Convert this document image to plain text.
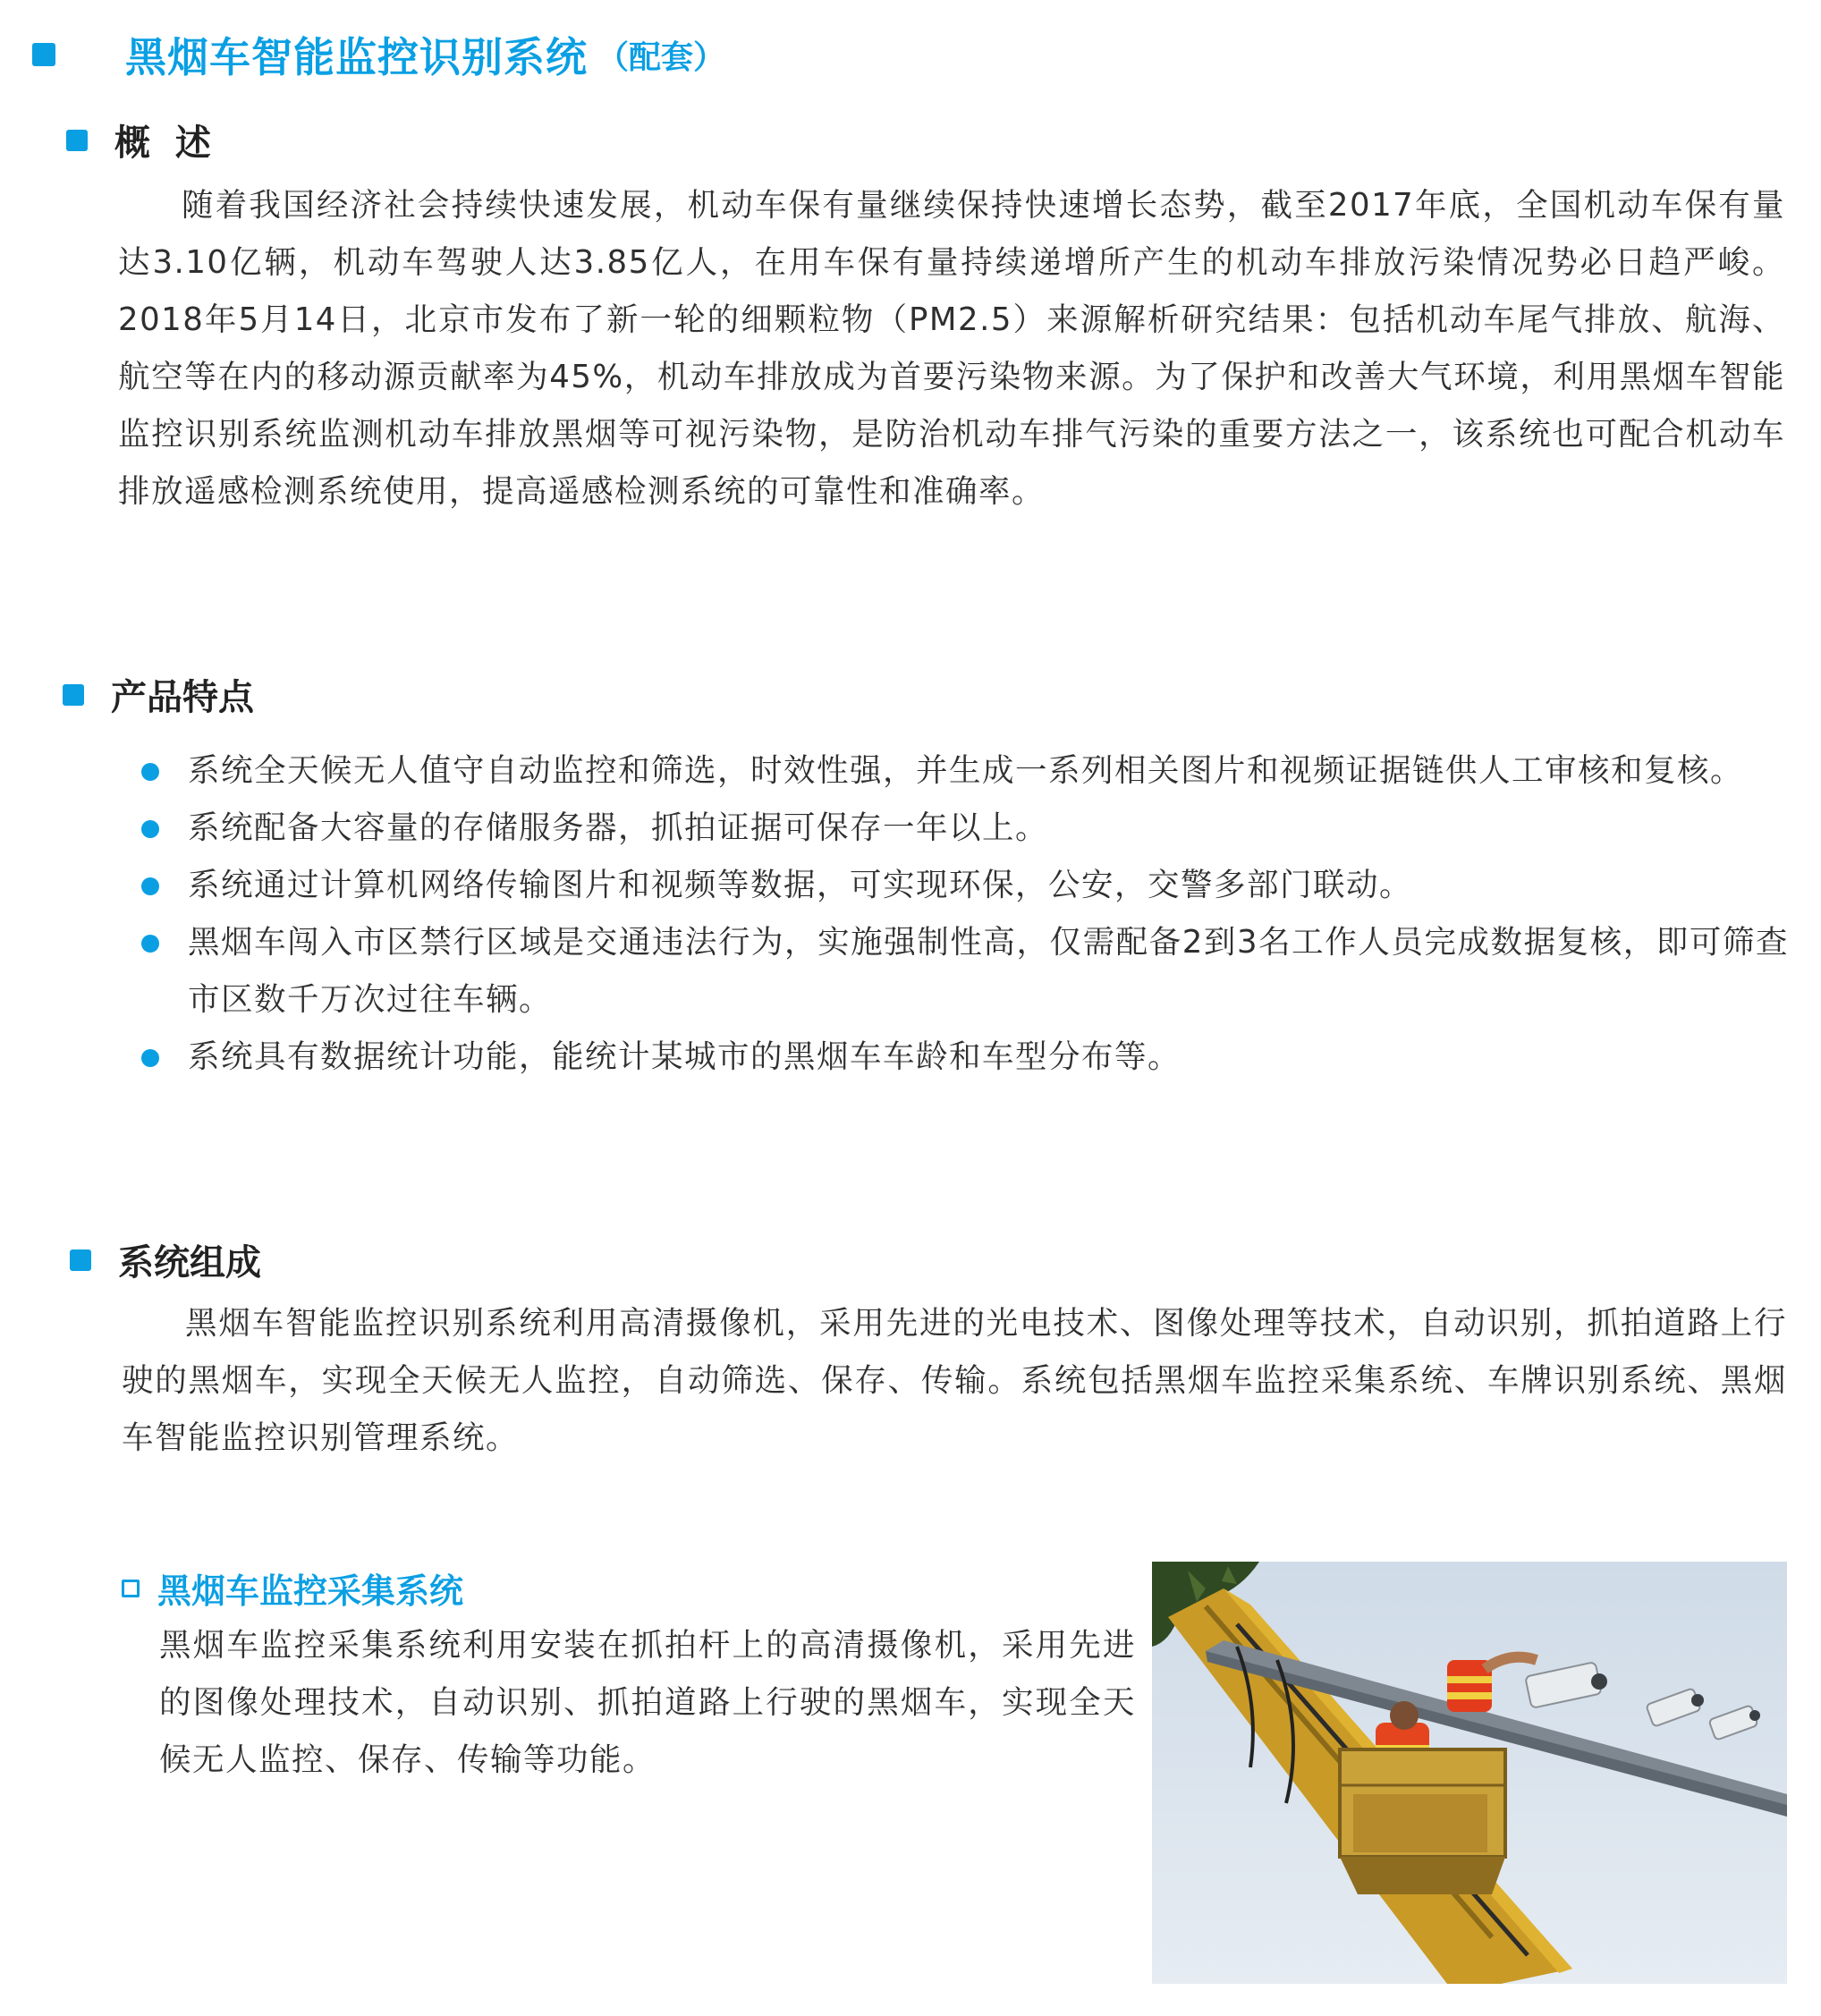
黑烟车智能监控识别系统 （配套）
概  述

随着我国经济社会持续快速发展，机动车保有量继续保持快速增长态势，截至2017年底，全国机动车保有量达3.10亿辆，机动车驾驶人达3.85亿人，在用车保有量持续递增所产生的机动车排放污染情况势必日趋严峻。2018年5月14日，北京市发布了新一轮的细颗粒物（PM2.5）来源解析研究结果：包括机动车尾气排放、航海、航空等在内的移动源贡献率为45%，机动车排放成为首要污染物来源。为了保护和改善大气环境，利用黑烟车智能监控识别系统监测机动车排放黑烟等可视污染物，是防治机动车排气污染的重要方法之一，该系统也可配合机动车排放遥感检测系统使用，提高遥感检测系统的可靠性和准确率。

产品特点
系统全天候无人值守自动监控和筛选，时效性强，并生成一系列相关图片和视频证据链供人工审核和复核。
系统配备大容量的存储服务器，抓拍证据可保存一年以上。
系统通过计算机网络传输图片和视频等数据，可实现环保，公安，交警多部门联动。
黑烟车闯入市区禁行区域是交通违法行为，实施强制性高，仅需配备2到3名工作人员完成数据复核，即可筛查市区数千万次过往车辆。
系统具有数据统计功能，能统计某城市的黑烟车车龄和车型分布等。
系统组成

黑烟车智能监控识别系统利用高清摄像机，采用先进的光电技术、图像处理等技术，自动识别，抓拍道路上行驶的黑烟车，实现全天候无人监控，自动筛选、保存、传输。系统包括黑烟车监控采集系统、车牌识别系统、黑烟车智能监控识别管理系统。

黑烟车监控采集系统

黑烟车监控采集系统利用安装在抓拍杆上的高清摄像机，采用先进的图像处理技术，自动识别、抓拍道路上行驶的黑烟车，实现全天候无人监控、保存、传输等功能。
